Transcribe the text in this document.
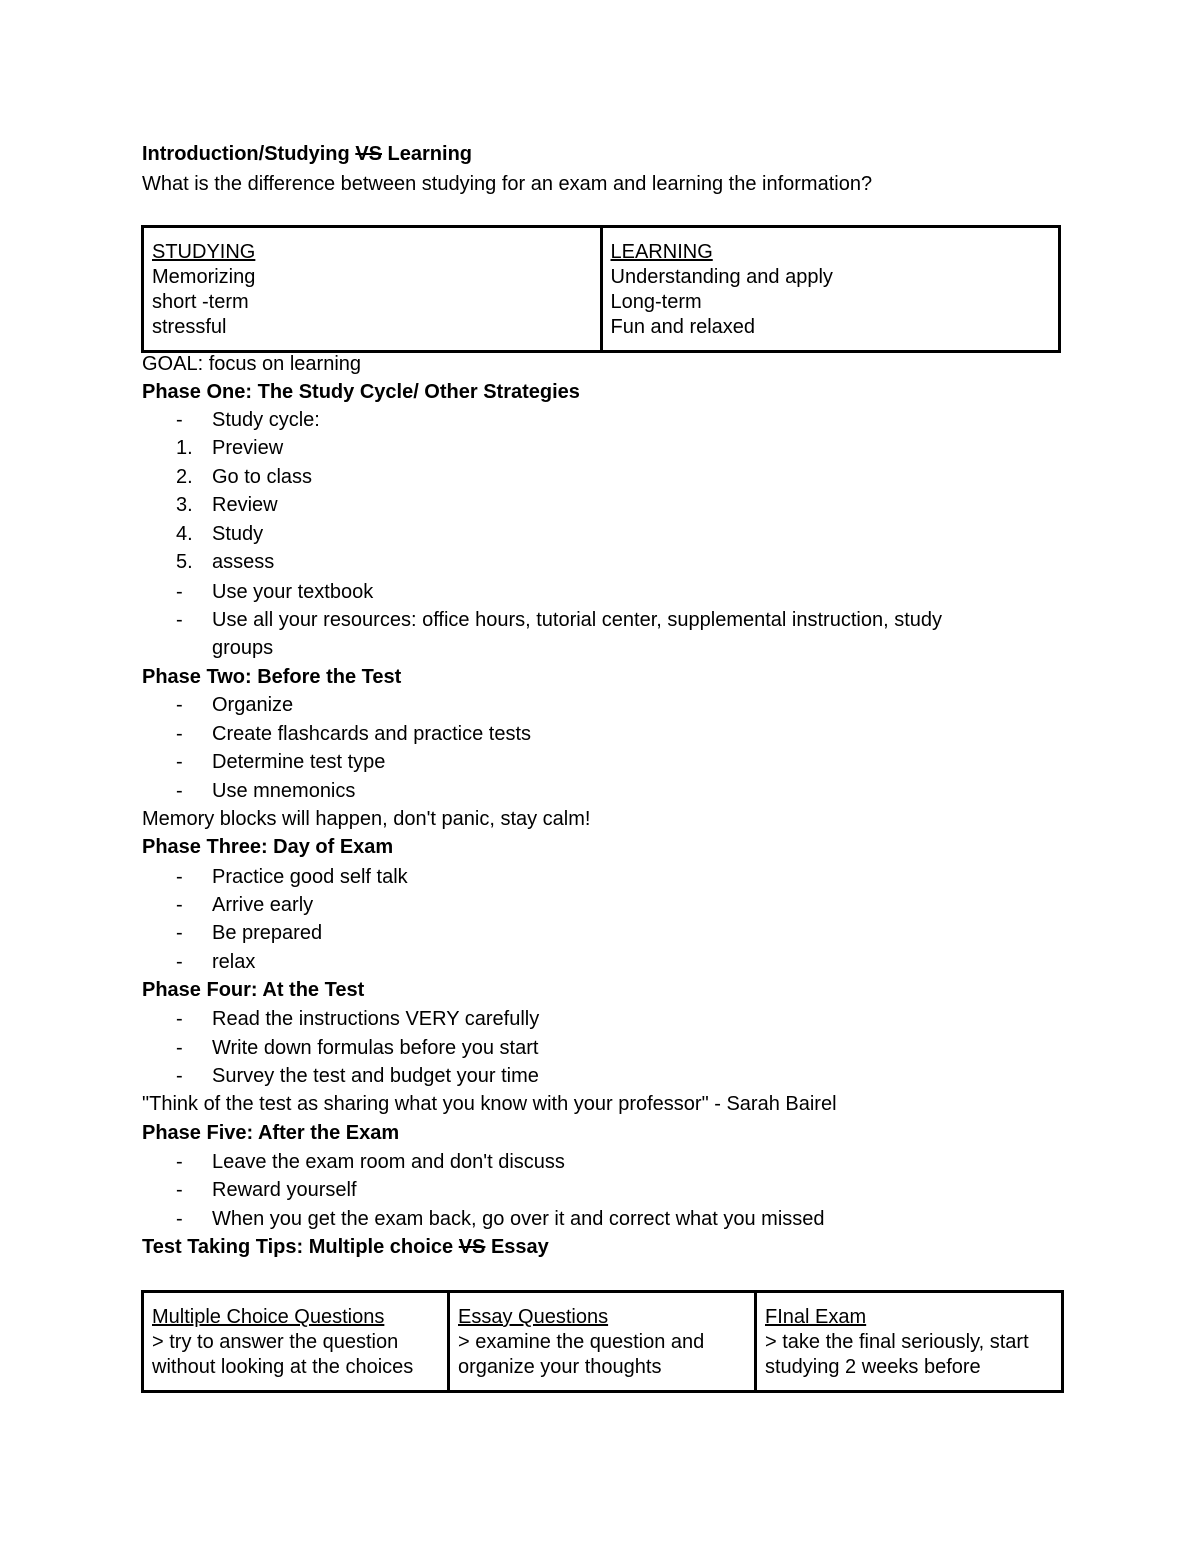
Introduction/Studying VS Learning
What is the difference between studying for an exam and learning the information?
STUDYING
Memorizing
short -term
stressful

LEARNING
Understanding and apply
Long-term
Fun and relaxed
GOAL: focus on learning
Phase One: The Study Cycle/ Other Strategies
- Study cycle:
1. Preview
2. Go to class
3. Review
4. Study
5. assess
- Use your textbook
- Use all your resources: office hours, tutorial center, supplemental instruction, study
groups
Phase Two: Before the Test
- Organize
- Create flashcards and practice tests
- Determine test type
- Use mnemonics
Memory blocks will happen, don't panic, stay calm!
Phase Three: Day of Exam
- Practice good self talk
- Arrive early
- Be prepared
- relax
Phase Four: At the Test
- Read the instructions VERY carefully
- Write down formulas before you start
- Survey the test and budget your time
"Think of the test as sharing what you know with your professor" - Sarah Bairel
Phase Five: After the Exam
- Leave the exam room and don't discuss
- Reward yourself
- When you get the exam back, go over it and correct what you missed
Test Taking Tips: Multiple choice VS Essay
Multiple Choice Questions
> try to answer the question
without looking at the choices

Essay Questions
> examine the question and
organize your thoughts

FInal Exam
> take the final seriously, start
studying 2 weeks before
